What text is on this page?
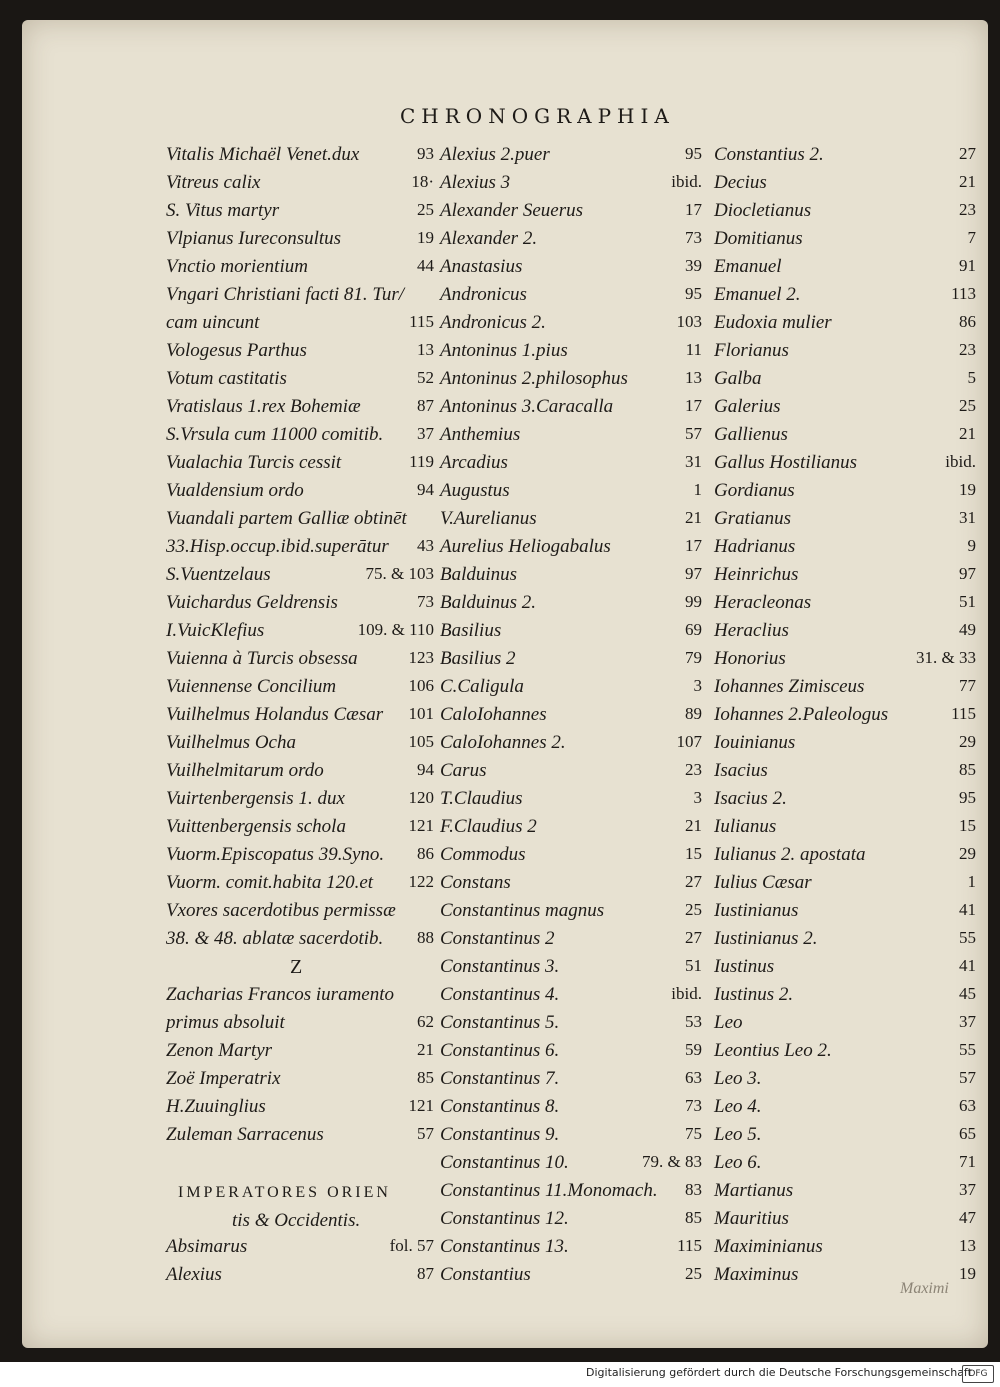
CHRONOGRAPHIA
Vitalis Michaël Venet.dux	93
Vitreus calix	18·
S. Vitus martyr	25
Vlpianus Iureconsultus	19
Vnctio morientium	44
Vngari Christiani facti 81. Tur/
cam uincunt	115
Vologesus Parthus	13
Votum castitatis	52
Vratislaus 1.rex Bohemiæ	87
S.Vrsula cum 11000 comitib. 37
Vualachia Turcis cessit	119
Vualdensium ordo	94
Vuandali partem Galliæ obtinēt
33.Hisp.occup.ibid.superātur 43
S.Vuentzelaus	75. & 103
Vuichardus Geldrensis	73
I.VuicKlefius	109. & 110
Vuienna à Turcis obsessa	123
Vuiennense Concilium	106
Vuilhelmus Holandus Cæsar 101
Vuilhelmus Ocha	105
Vuilhelmitarum ordo	94
Vuirtenbergensis 1. dux	120
Vuittenbergensis schola	121
Vuorm.Episcopatus 39.Syno. 86
Vuorm. comit.habita 120.et 122
Vxores sacerdotibus permissæ
38. & 48. ablatæ sacerdotib. 88
Zacharias Francos iuramento
primus absoluit	62
Zenon Martyr	21
Zoë Imperatrix	85
H.Zuuinglius	121
Zuleman Sarracenus	57
Absimarus	fol. 57
Alexius	87
Alexius 2.puer	95
Alexius 3	ibid.
Alexander Seuerus	17
Alexander 2.	73
Anastasius	39
Andronicus	95
Andronicus 2.	103
Antoninus 1.pius	11
Antoninus 2.philosophus	13
Antoninus 3.Caracalla	17
Anthemius	57
Arcadius	31
Augustus	1
V.Aurelianus	21
Aurelius Heliogabalus	17
Balduinus	97
Balduinus 2.	99
Basilius	69
Basilius 2	79
C.Caligula	3
CaloIohannes	89
CaloIohannes 2.	107
Carus	23
T.Claudius	3
F.Claudius 2	21
Commodus	15
Constans	27
Constantinus magnus	25
Constantinus 2	27
Constantinus 3.	51
Constantinus 4.	ibid.
Constantinus 5.	53
Constantinus 6.	59
Constantinus 7.	63
Constantinus 8.	73
Constantinus 9.	75
Constantinus 10.	79. & 83
Constantinus 11.Monomach. 83
Constantinus 12.	85
Constantinus 13.	115
Constantius	25
Constantius 2.	27
Decius	21
Diocletianus	23
Domitianus	7
Emanuel	91
Emanuel 2.	113
Eudoxia mulier	86
Florianus	23
Galba	5
Galerius	25
Gallienus	21
Gallus Hostilianus	ibid.
Gordianus	19
Gratianus	31
Hadrianus	9
Heinrichus	97
Heracleonas	51
Heraclius	49
Honorius	31. & 33
Iohannes Zimisceus	77
Iohannes 2.Paleologus	115
Iouinianus	29
Isacius	85
Isacius 2.	95
Iulianus	15
Iulianus 2. apostata	29
Iulius Cæsar	1
Iustinianus	41
Iustinianus 2.	55
Iustinus	41
Iustinus 2.	45
Leo	37
Leontius Leo 2.	55
Leo 3.	57
Leo 4.	63
Leo 5.	65
Leo 6.	71
Martianus	37
Mauritius	47
Maximinianus	13
Maximinus	19
Z
IMPERATORES ORIEN
tis & Occidentis.
Maximi
Digitalisierung gefördert durch die Deutsche Forschungsgemeinschaft
DFG
